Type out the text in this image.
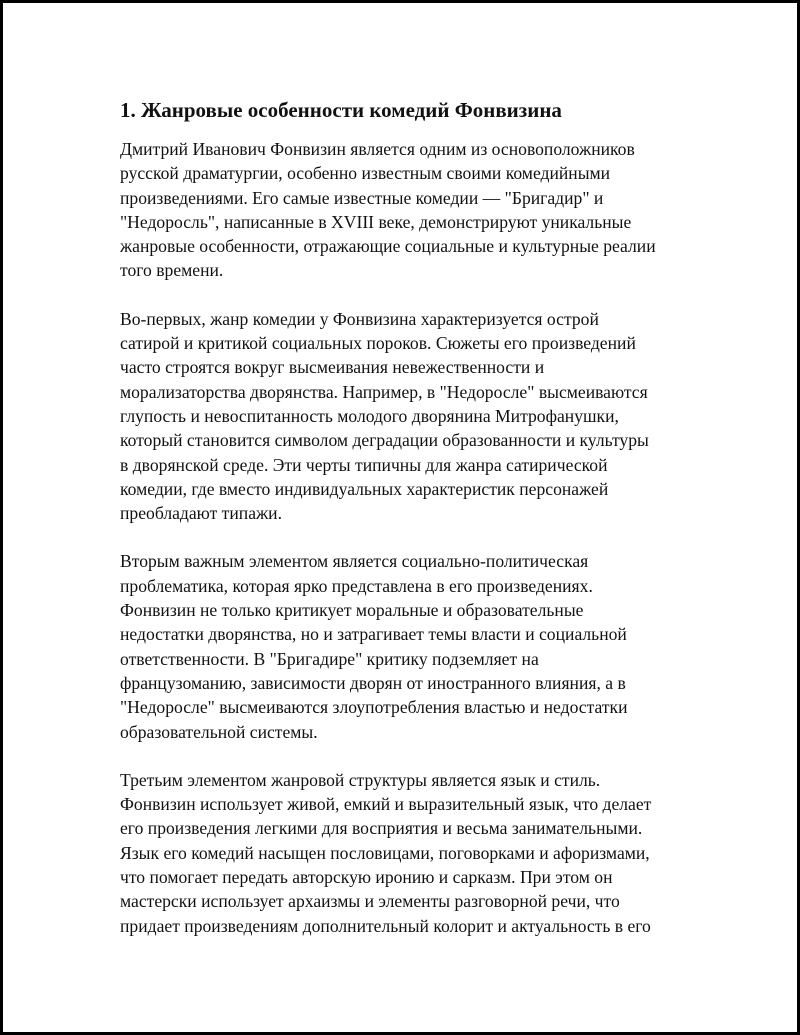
1. Жанровые особенности комедий Фонвизина

Дмитрий Иванович Фонвизин является одним из основоположников
русской драматургии, особенно известным своими комедийными
произведениями. Его самые известные комедии — "Бригадир" и
"Недоросль", написанные в XVIII веке, демонстрируют уникальные
жанровые особенности, отражающие социальные и культурные реалии
того времени.

Во-первых, жанр комедии у Фонвизина характеризуется острой
сатирой и критикой социальных пороков. Сюжеты его произведений
часто строятся вокруг высмеивания невежественности и
морализаторства дворянства. Например, в "Недоросле" высмеиваются
глупость и невоспитанность молодого дворянина Митрофанушки,
который становится символом деградации образованности и культуры
в дворянской среде. Эти черты типичны для жанра сатирической
комедии, где вместо индивидуальных характеристик персонажей
преобладают типажи.

Вторым важным элементом является социально-политическая
проблематика, которая ярко представлена в его произведениях.
Фонвизин не только критикует моральные и образовательные
недостатки дворянства, но и затрагивает темы власти и социальной
ответственности. В "Бригадире" критику подземляет на
французоманию, зависимости дворян от иностранного влияния, а в
"Недоросле" высмеиваются злоупотребления властью и недостатки
образовательной системы.

Третьим элементом жанровой структуры является язык и стиль.
Фонвизин использует живой, емкий и выразительный язык, что делает
его произведения легкими для восприятия и весьма занимательными.
Язык его комедий насыщен пословицами, поговорками и афоризмами,
что помогает передать авторскую иронию и сарказм. При этом он
мастерски использует архаизмы и элементы разговорной речи, что
придает произведениям дополнительный колорит и актуальность в его
